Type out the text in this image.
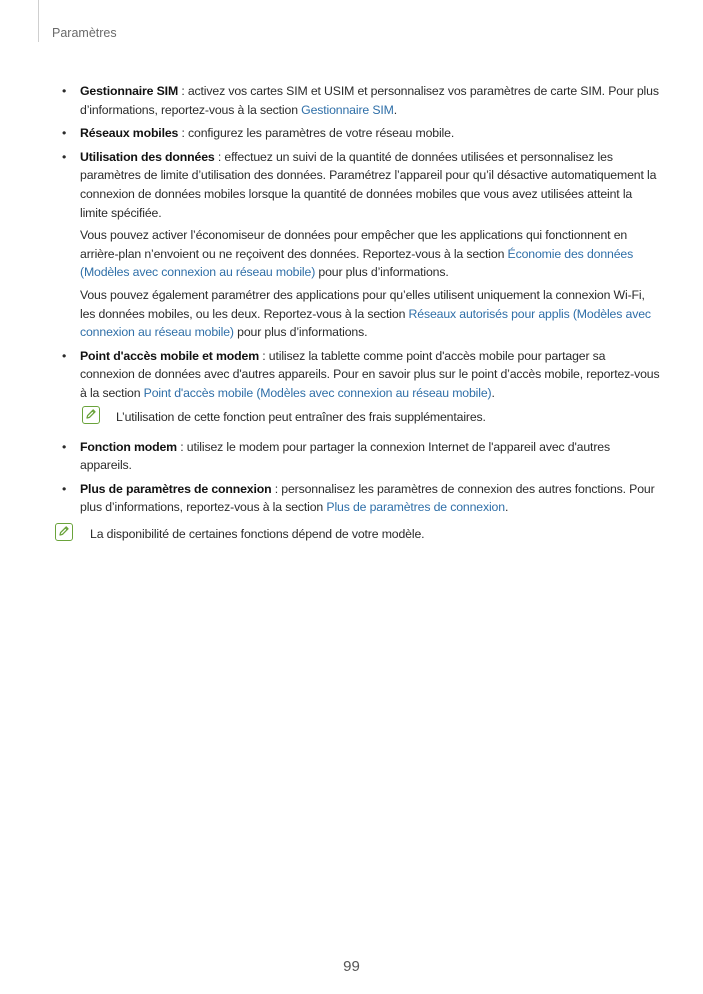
Paramètres
• Gestionnaire SIM : activez vos cartes SIM et USIM et personnalisez vos paramètres de carte SIM. Pour plus d’informations, reportez-vous à la section Gestionnaire SIM.

• Réseaux mobiles : configurez les paramètres de votre réseau mobile.

• Utilisation des données : effectuez un suivi de la quantité de données utilisées et personnalisez les paramètres de limite d’utilisation des données. Paramétrez l’appareil pour qu’il désactive automatiquement la connexion de données mobiles lorsque la quantité de données mobiles que vous avez utilisées atteint la limite spécifiée.

Vous pouvez activer l’économiseur de données pour empêcher que les applications qui fonctionnent en arrière-plan n’envoient ou ne reçoivent des données. Reportez-vous à la section Économie des données (Modèles avec connexion au réseau mobile) pour plus d’informations.

Vous pouvez également paramétrer des applications pour qu’elles utilisent uniquement la connexion Wi-Fi, les données mobiles, ou les deux. Reportez-vous à la section Réseaux autorisés pour applis (Modèles avec connexion au réseau mobile) pour plus d’informations.

• Point d'accès mobile et modem : utilisez la tablette comme point d'accès mobile pour partager sa connexion de données avec d'autres appareils. Pour en savoir plus sur le point d’accès mobile, reportez-vous à la section Point d'accès mobile (Modèles avec connexion au réseau mobile).

L’utilisation de cette fonction peut entraîner des frais supplémentaires.
• Fonction modem : utilisez le modem pour partager la connexion Internet de l'appareil avec d'autres appareils.

• Plus de paramètres de connexion : personnalisez les paramètres de connexion des autres fonctions. Pour plus d’informations, reportez-vous à la section Plus de paramètres de connexion.

La disponibilité de certaines fonctions dépend de votre modèle.
99
